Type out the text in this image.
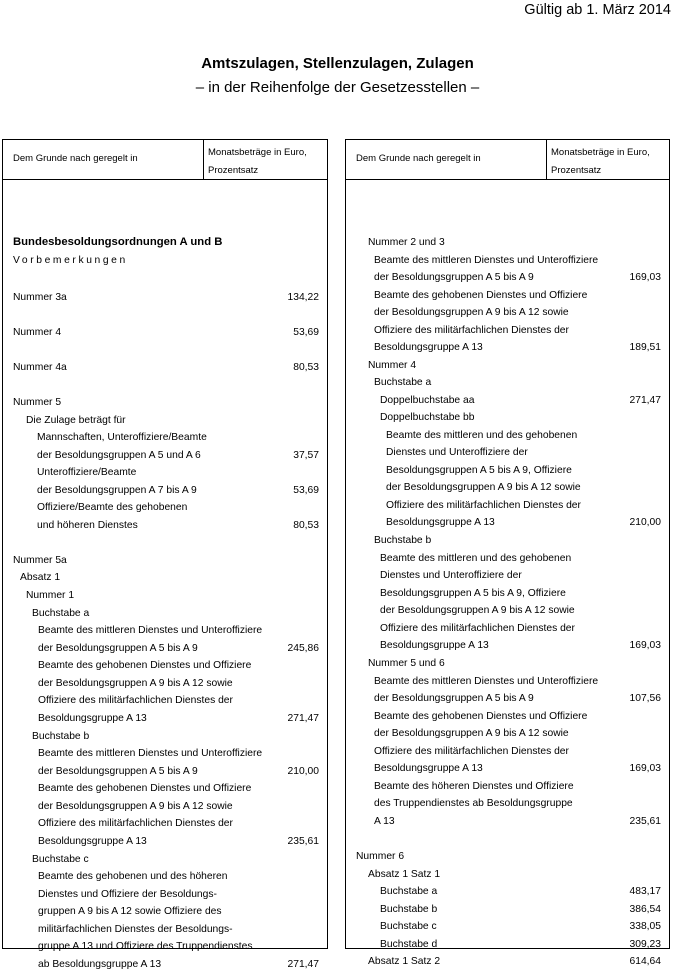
Gültig ab 1. März 2014
Amtszulagen, Stellenzulagen, Zulagen
– in der Reihenfolge der Gesetzesstellen –
Dem Grunde nach geregelt in
Monatsbeträge in Euro,
Prozentsatz
Bundesbesoldungsordnungen A und B
Vorbemerkungen
Nummer 3a	134,22
Nummer 4	53,69
Nummer 4a	80,53
Nummer 5
Die Zulage beträgt für
Mannschaften, Unteroffiziere/Beamte
der Besoldungsgruppen A 5 und A 6	37,57
Unteroffiziere/Beamte
der Besoldungsgruppen A 7 bis A 9	53,69
Offiziere/Beamte des gehobenen
und höheren Dienstes	80,53
Nummer 5a
Absatz 1
Nummer 1
Buchstabe a
Beamte des mittleren Dienstes und Unteroffiziere
der Besoldungsgruppen A 5 bis A 9	245,86
Beamte des gehobenen Dienstes und Offiziere
der Besoldungsgruppen A 9 bis A 12 sowie
Offiziere des militärfachlichen Dienstes der
Besoldungsgruppe A 13	271,47
Buchstabe b
Beamte des mittleren Dienstes und Unteroffiziere
der Besoldungsgruppen A 5 bis A 9	210,00
Beamte des gehobenen Dienstes und Offiziere
der Besoldungsgruppen A 9 bis A 12 sowie
Offiziere des militärfachlichen Dienstes der
Besoldungsgruppe A 13	235,61
Buchstabe c
Beamte des gehobenen und des höheren
Dienstes und Offiziere der Besoldungs-
gruppen A 9 bis A 12 sowie Offiziere des
militärfachlichen Dienstes der Besoldungs-
gruppe A 13 und Offiziere des Truppendienstes
ab Besoldungsgruppe A 13	271,47
Dem Grunde nach geregelt in
Monatsbeträge in Euro,
Prozentsatz
Nummer 2 und 3
Beamte des mittleren Dienstes und Unteroffiziere
der Besoldungsgruppen A 5 bis A 9	169,03
Beamte des gehobenen Dienstes und Offiziere
der Besoldungsgruppen A 9 bis A 12 sowie
Offiziere des militärfachlichen Dienstes der
Besoldungsgruppe A 13	189,51
Nummer 4
Buchstabe a
Doppelbuchstabe aa	271,47
Doppelbuchstabe bb
Beamte des mittleren und des gehobenen
Dienstes und Unteroffiziere der
Besoldungsgruppen A 5 bis A 9, Offiziere
der Besoldungsgruppen A 9 bis A 12 sowie
Offiziere des militärfachlichen Dienstes der
Besoldungsgruppe A 13	210,00
Buchstabe b
Beamte des mittleren und des gehobenen
Dienstes und Unteroffiziere der
Besoldungsgruppen A 5 bis A 9, Offiziere
der Besoldungsgruppen A 9 bis A 12 sowie
Offiziere des militärfachlichen Dienstes der
Besoldungsgruppe A 13	169,03
Nummer 5 und 6
Beamte des mittleren Dienstes und Unteroffiziere
der Besoldungsgruppen A 5 bis A 9	107,56
Beamte des gehobenen Dienstes und Offiziere
der Besoldungsgruppen A 9 bis A 12 sowie
Offiziere des militärfachlichen Dienstes der
Besoldungsgruppe A 13	169,03
Beamte des höheren Dienstes und Offiziere
des Truppendienstes ab Besoldungsgruppe
A 13	235,61
Nummer 6
Absatz 1 Satz 1
Buchstabe a	483,17
Buchstabe b	386,54
Buchstabe c	338,05
Buchstabe d	309,23
Absatz 1 Satz 2	614,64
